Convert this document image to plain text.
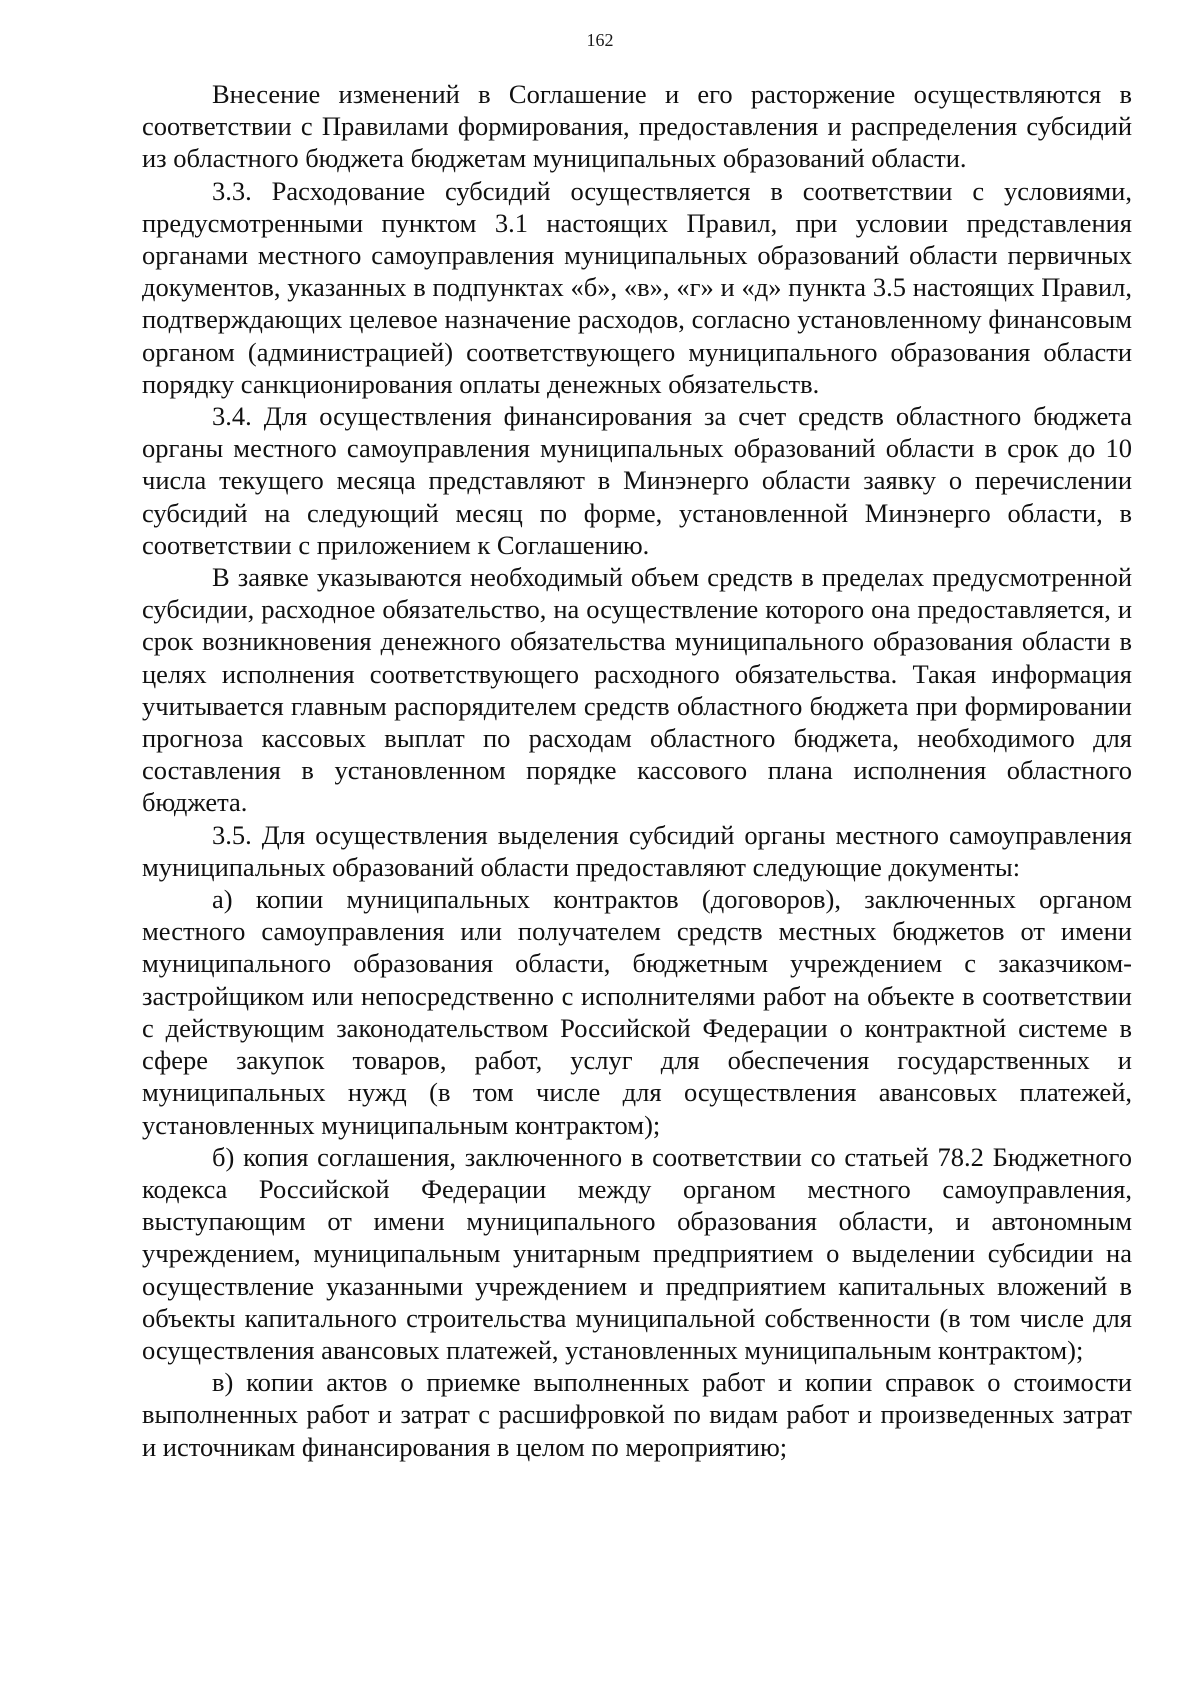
162

Внесение изменений в Соглашение и его расторжение осуществляются в соответствии с Правилами формирования, предоставления и распределения субсидий из областного бюджета бюджетам муниципальных образований области.

3.3. Расходование субсидий осуществляется в соответствии с условиями, предусмотренными пунктом 3.1 настоящих Правил, при условии представления органами местного самоуправления муниципальных образований области первичных документов, указанных в подпунктах «б», «в», «г» и «д» пункта 3.5 настоящих Правил, подтверждающих целевое назначение расходов, согласно установленному финансовым органом (администрацией) соответствующего муниципального образования области порядку санкционирования оплаты денежных обязательств.

3.4. Для осуществления финансирования за счет средств областного бюджета органы местного самоуправления муниципальных образований области в срок до 10 числа текущего месяца представляют в Минэнерго области заявку о перечислении субсидий на следующий месяц по форме, установленной Минэнерго области, в соответствии с приложением к Соглашению.

В заявке указываются необходимый объем средств в пределах предусмотренной субсидии, расходное обязательство, на осуществление которого она предоставляется, и срок возникновения денежного обязательства муниципального образования области в целях исполнения соответствующего расходного обязательства. Такая информация учитывается главным распорядителем средств областного бюджета при формировании прогноза кассовых выплат по расходам областного бюджета, необходимого для составления в установленном порядке кассового плана исполнения областного бюджета.

3.5. Для осуществления выделения субсидий органы местного самоуправления муниципальных образований области предоставляют следующие документы:

а) копии муниципальных контрактов (договоров), заключенных органом местного самоуправления или получателем средств местных бюджетов от имени муниципального образования области, бюджетным учреждением с заказчиком-застройщиком или непосредственно с исполнителями работ на объекте в соответствии с действующим законодательством Российской Федерации о контрактной системе в сфере закупок товаров, работ, услуг для обеспечения государственных и муниципальных нужд (в том числе для осуществления авансовых платежей, установленных муниципальным контрактом);

б) копия соглашения, заключенного в соответствии со статьей 78.2 Бюджетного кодекса Российской Федерации между органом местного самоуправления, выступающим от имени муниципального образования области, и автономным учреждением, муниципальным унитарным предприятием о выделении субсидии на осуществление указанными учреждением и предприятием капитальных вложений в объекты капитального строительства муниципальной собственности (в том числе для осуществления авансовых платежей, установленных муниципальным контрактом);

в) копии актов о приемке выполненных работ и копии справок о стоимости выполненных работ и затрат с расшифровкой по видам работ и произведенных затрат и источникам финансирования в целом по мероприятию;
